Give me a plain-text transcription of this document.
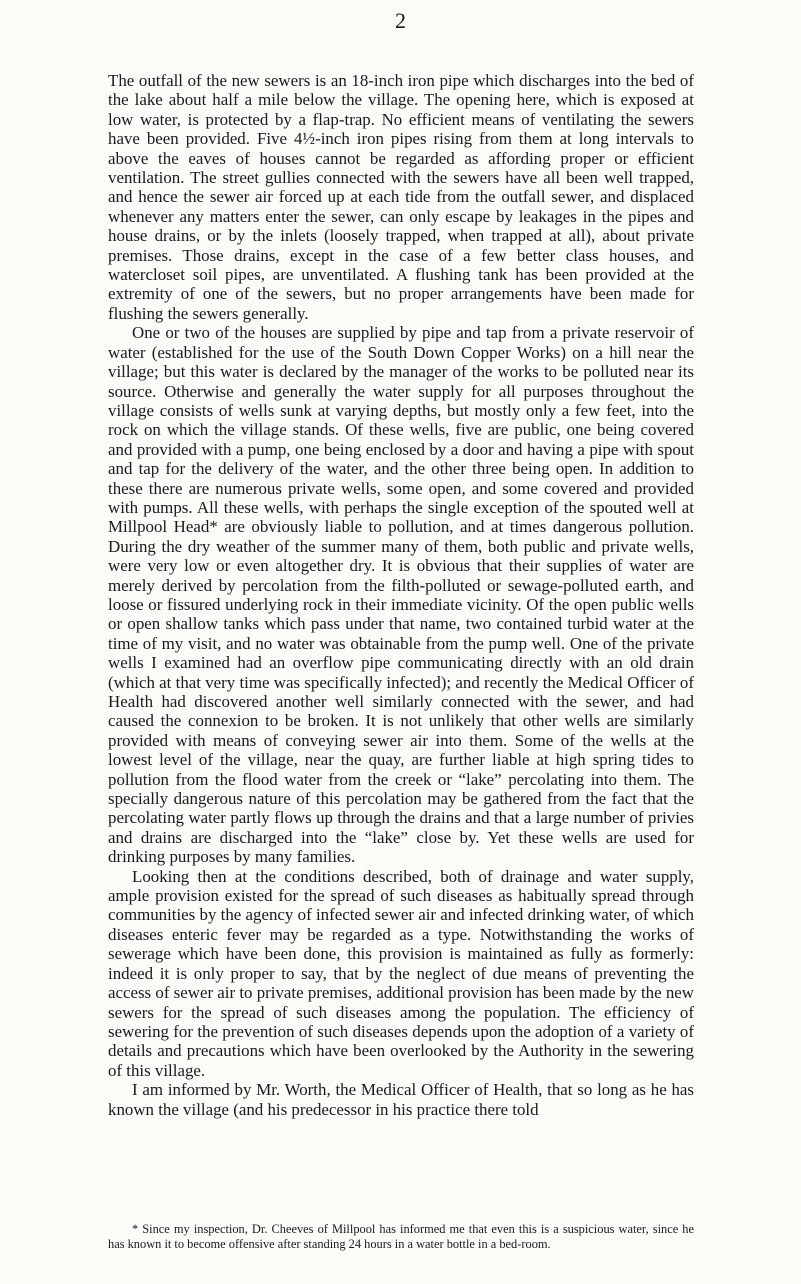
2

The outfall of the new sewers is an 18-inch iron pipe which discharges into the bed of the lake about half a mile below the village. The opening here, which is exposed at low water, is protected by a flap-trap. No efficient means of ventilating the sewers have been provided. Five 4½-inch iron pipes rising from them at long intervals to above the eaves of houses cannot be regarded as affording proper or efficient ventilation. The street gullies connected with the sewers have all been well trapped, and hence the sewer air forced up at each tide from the outfall sewer, and displaced whenever any matters enter the sewer, can only escape by leakages in the pipes and house drains, or by the inlets (loosely trapped, when trapped at all), about private premises. Those drains, except in the case of a few better class houses, and watercloset soil pipes, are unventilated. A flushing tank has been provided at the extremity of one of the sewers, but no proper arrangements have been made for flushing the sewers generally.

One or two of the houses are supplied by pipe and tap from a private reservoir of water (established for the use of the South Down Copper Works) on a hill near the village; but this water is declared by the manager of the works to be polluted near its source. Otherwise and generally the water supply for all purposes throughout the village consists of wells sunk at varying depths, but mostly only a few feet, into the rock on which the village stands. Of these wells, five are public, one being covered and provided with a pump, one being enclosed by a door and having a pipe with spout and tap for the delivery of the water, and the other three being open. In addition to these there are numerous private wells, some open, and some covered and provided with pumps. All these wells, with perhaps the single exception of the spouted well at Millpool Head* are obviously liable to pollution, and at times dangerous pollution. During the dry weather of the summer many of them, both public and private wells, were very low or even altogether dry. It is obvious that their supplies of water are merely derived by percolation from the filth-polluted or sewage-polluted earth, and loose or fissured underlying rock in their immediate vicinity. Of the open public wells or open shallow tanks which pass under that name, two contained turbid water at the time of my visit, and no water was obtainable from the pump well. One of the private wells I examined had an overflow pipe communicating directly with an old drain (which at that very time was specifically infected); and recently the Medical Officer of Health had discovered another well similarly connected with the sewer, and had caused the connexion to be broken. It is not unlikely that other wells are similarly provided with means of conveying sewer air into them. Some of the wells at the lowest level of the village, near the quay, are further liable at high spring tides to pollution from the flood water from the creek or “lake” percolating into them. The specially dangerous nature of this percolation may be gathered from the fact that the percolating water partly flows up through the drains and that a large number of privies and drains are discharged into the “lake” close by. Yet these wells are used for drinking purposes by many families.

Looking then at the conditions described, both of drainage and water supply, ample provision existed for the spread of such diseases as habitually spread through communities by the agency of infected sewer air and infected drinking water, of which diseases enteric fever may be regarded as a type. Notwithstanding the works of sewerage which have been done, this provision is maintained as fully as formerly: indeed it is only proper to say, that by the neglect of due means of preventing the access of sewer air to private premises, additional provision has been made by the new sewers for the spread of such diseases among the population. The efficiency of sewering for the prevention of such diseases depends upon the adoption of a variety of details and precautions which have been overlooked by the Authority in the sewering of this village.

I am informed by Mr. Worth, the Medical Officer of Health, that so long as he has known the village (and his predecessor in his practice there told

* Since my inspection, Dr. Cheeves of Millpool has informed me that even this is a suspicious water, since he has known it to become offensive after standing 24 hours in a water bottle in a bed-room.
